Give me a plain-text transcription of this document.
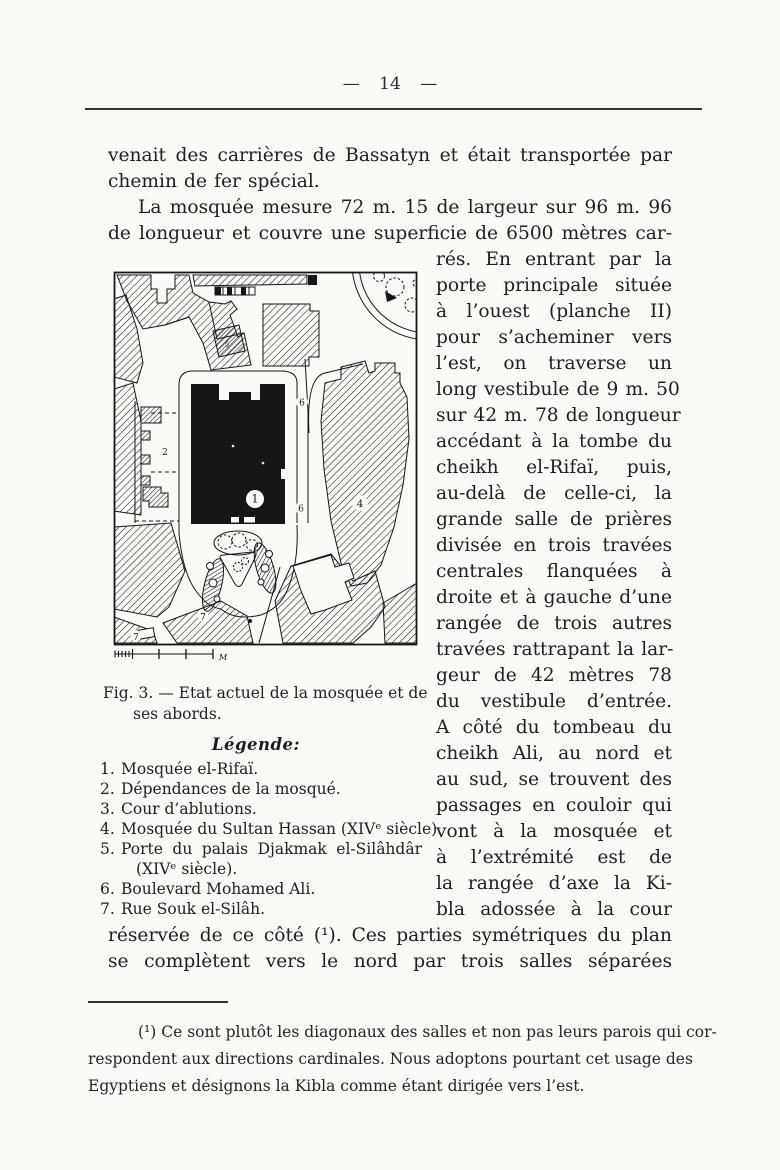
— 14 —
venait des carrières de Bassatyn et était transportée par
chemin de fer spécial.
La mosquée mesure 72 m. 15 de largeur sur 96 m. 96
de longueur et couvre une superficie de 6500 mètres car-
1
2
5
4
6
6
7
7
M
Fig. 3. — Etat actuel de la mosquée et de
ses abords.
Légende:
1. Mosquée el-Rifaï.
2. Dépendances de la mosqué.
3. Cour d’ablutions.
4. Mosquée du Sultan Hassan (XIVᵉ siècle).
5. Porte du palais Djakmak el-Silâhdâr
(XIVᵉ siècle).
6. Boulevard Mohamed Ali.
7. Rue Souk el-Silâh.
rés. En entrant par la
porte principale située
à l’ouest (planche II)
pour s’acheminer vers
l’est, on traverse un
long vestibule de 9 m. 50
sur 42 m. 78 de longueur
accédant à la tombe du
cheikh el-Rifaï, puis,
au-delà de celle-ci, la
grande salle de prières
divisée en trois travées
centrales flanquées à
droite et à gauche d’une
rangée de trois autres
travées rattrapant la lar-
geur de 42 mètres 78
du vestibule d’entrée.
A côté du tombeau du
cheikh Ali, au nord et
au sud, se trouvent des
passages en couloir qui
vont à la mosquée et
à l’extrémité est de
la rangée d’axe la Ki-
bla adossée à la cour
réservée de ce côté (¹). Ces parties symétriques du plan
se complètent vers le nord par trois salles séparées
(¹) Ce sont plutôt les diagonaux des salles et non pas leurs parois qui cor-
respondent aux directions cardinales. Nous adoptons pourtant cet usage des
Egyptiens et désignons la Kibla comme étant dirigée vers l’est.
